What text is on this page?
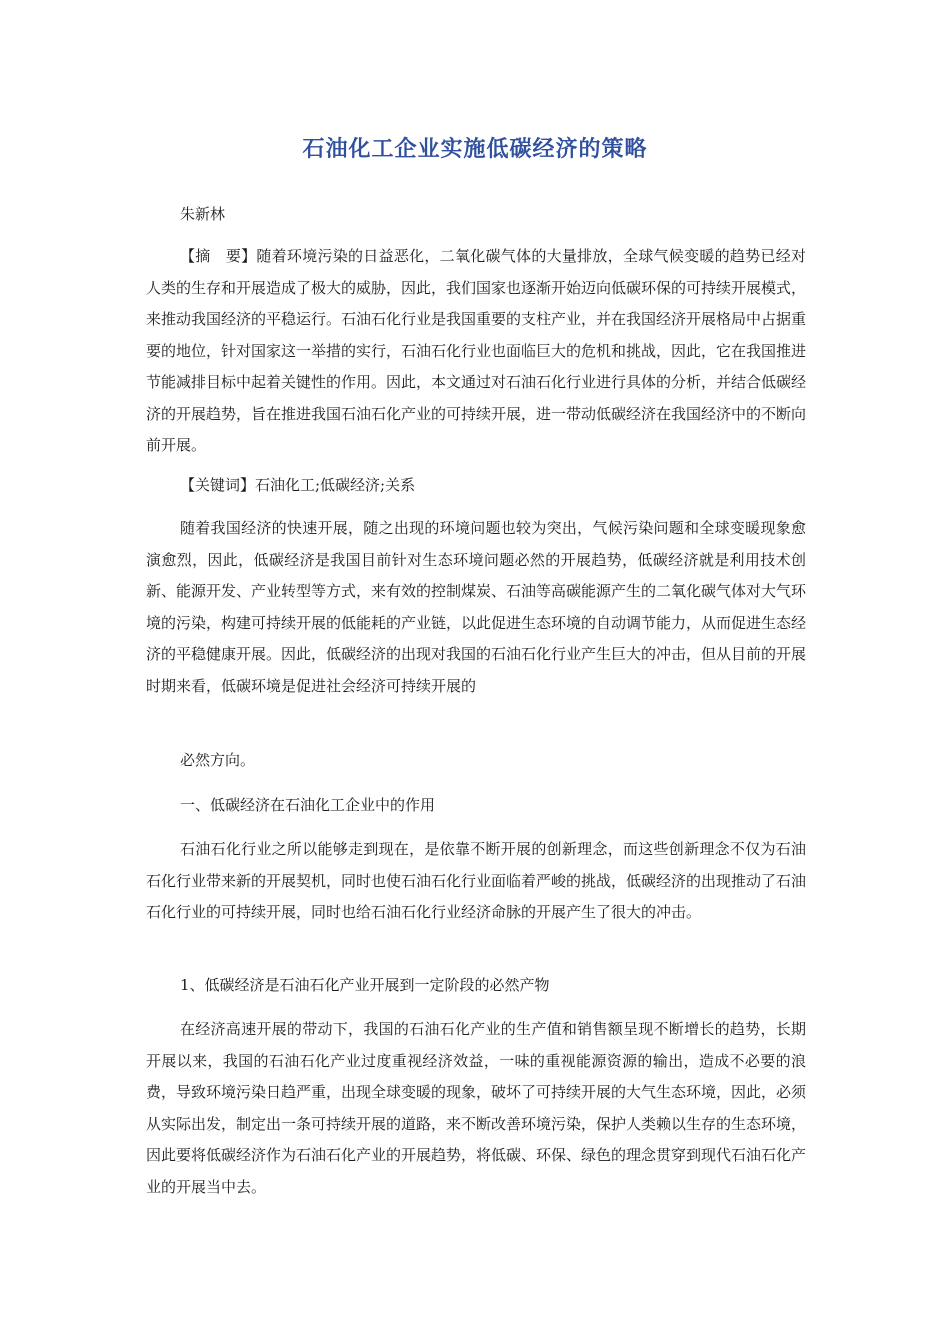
石油化工企业实施低碳经济的策略
朱新林

【摘　要】随着环境污染的日益恶化，二氧化碳气体的大量排放，全球气候变暖的趋势已经对人类的生存和开展造成了极大的威胁，因此，我们国家也逐渐开始迈向低碳环保的可持续开展模式，来推动我国经济的平稳运行。石油石化行业是我国重要的支柱产业，并在我国经济开展格局中占据重要的地位，针对国家这一举措的实行，石油石化行业也面临巨大的危机和挑战，因此，它在我国推进节能减排目标中起着关键性的作用。因此，本文通过对石油石化行业进行具体的分析，并结合低碳经济的开展趋势，旨在推进我国石油石化产业的可持续开展，进一带动低碳经济在我国经济中的不断向前开展。

【关键词】石油化工;低碳经济;关系

随着我国经济的快速开展，随之出现的环境问题也较为突出，气候污染问题和全球变暖现象愈演愈烈，因此，低碳经济是我国目前针对生态环境问题必然的开展趋势，低碳经济就是利用技术创新、能源开发、产业转型等方式，来有效的控制煤炭、石油等高碳能源产生的二氧化碳气体对大气环境的污染，构建可持续开展的低能耗的产业链，以此促进生态环境的自动调节能力，从而促进生态经济的平稳健康开展。因此，低碳经济的出现对我国的石油石化行业产生巨大的冲击，但从目前的开展时期来看，低碳环境是促进社会经济可持续开展的

必然方向。

一、低碳经济在石油化工企业中的作用

石油石化行业之所以能够走到现在，是依靠不断开展的创新理念，而这些创新理念不仅为石油石化行业带来新的开展契机，同时也使石油石化行业面临着严峻的挑战，低碳经济的出现推动了石油石化行业的可持续开展，同时也给石油石化行业经济命脉的开展产生了很大的冲击。

1、低碳经济是石油石化产业开展到一定阶段的必然产物

在经济高速开展的带动下，我国的石油石化产业的生产值和销售额呈现不断增长的趋势，长期开展以来，我国的石油石化产业过度重视经济效益，一味的重视能源资源的输出，造成不必要的浪费，导致环境污染日趋严重，出现全球变暖的现象，破坏了可持续开展的大气生态环境，因此，必须从实际出发，制定出一条可持续开展的道路，来不断改善环境污染，保护人类赖以生存的生态环境，因此要将低碳经济作为石油石化产业的开展趋势，将低碳、环保、绿色的理念贯穿到现代石油石化产业的开展当中去。
